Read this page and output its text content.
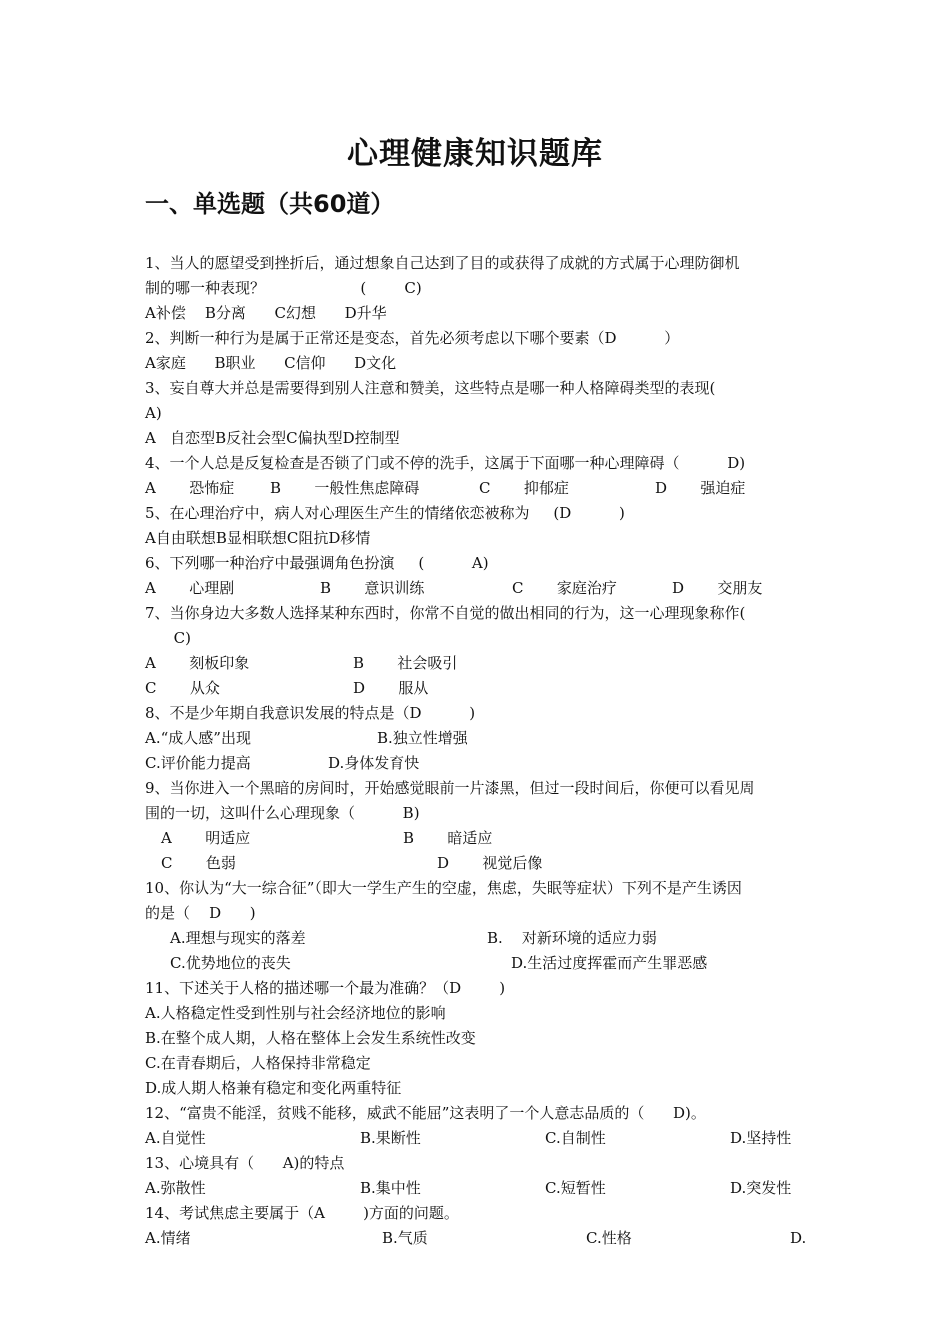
心理健康知识题库
一、单选题（共60道）
1、当人的愿望受到挫折后，通过想象自己达到了目的或获得了成就的方式属于心理防御机
制的哪一种表现？                    (        C)
A补偿    B分离      C幻想      D升华
2、判断一种行为是属于正常还是变态，首先必须考虑以下哪个要素（D          ）
A家庭      B职业      C信仰      D文化
3、妄自尊大并总是需要得到别人注意和赞美，这些特点是哪一种人格障碍类型的表现(
A)
A   自恋型B反社会型C偏执型D控制型
4、一个人总是反复检查是否锁了门或不停的洗手，这属于下面哪一种心理障碍（          D)
A       恐怖症 B       一般性焦虑障碍	C       抑郁症	D       强迫症
5、在心理治疗中，病人对心理医生产生的情绪依恋被称为     (D          )
A自由联想B显相联想C阻抗D移情
6、下列哪一种治疗中最强调角色扮演     (          A)
A       心理剧	B       意识训练	C       家庭治疗	D       交朋友
7、当你身边大多数人选择某种东西时，你常不自觉的做出相同的行为，这一心理现象称作(
C)
A       刻板印象	B       社会吸引
C       从众	D       服从
8、不是少年期自我意识发展的特点是（D          )
A.“成人感”出现	B.独立性增强
C.评价能力提高	D.身体发育快
9、当你进入一个黑暗的房间时，开始感觉眼前一片漆黑，但过一段时间后，你便可以看见周
围的一切，这叫什么心理现象（          B)
A       明适应	B       暗适应
C       色弱	D       视觉后像
10、你认为“大一综合征”（即大一学生产生的空虚，焦虑，失眠等症状）下列不是产生诱因
的是（    D      )
A.理想与现实的落差	B.    对新环境的适应力弱
C.优势地位的丧失	D.生活过度挥霍而产生罪恶感
11、下述关于人格的描述哪一个最为准确？（D        )
A.人格稳定性受到性别与社会经济地位的影响
B.在整个成人期，人格在整体上会发生系统性改变
C.在青春期后，人格保持非常稳定
D.成人期人格兼有稳定和变化两重特征
12、“富贵不能淫，贫贱不能移，威武不能屈”这表明了一个人意志品质的（      D)。
A.自觉性	B.果断性	C.自制性	D.坚持性
13、心境具有（      A)的特点
A.弥散性	B.集中性	C.短暂性	D.突发性
14、考试焦虑主要属于（A        )方面的问题。
A.情绪	B.气质	C.性格	D.
